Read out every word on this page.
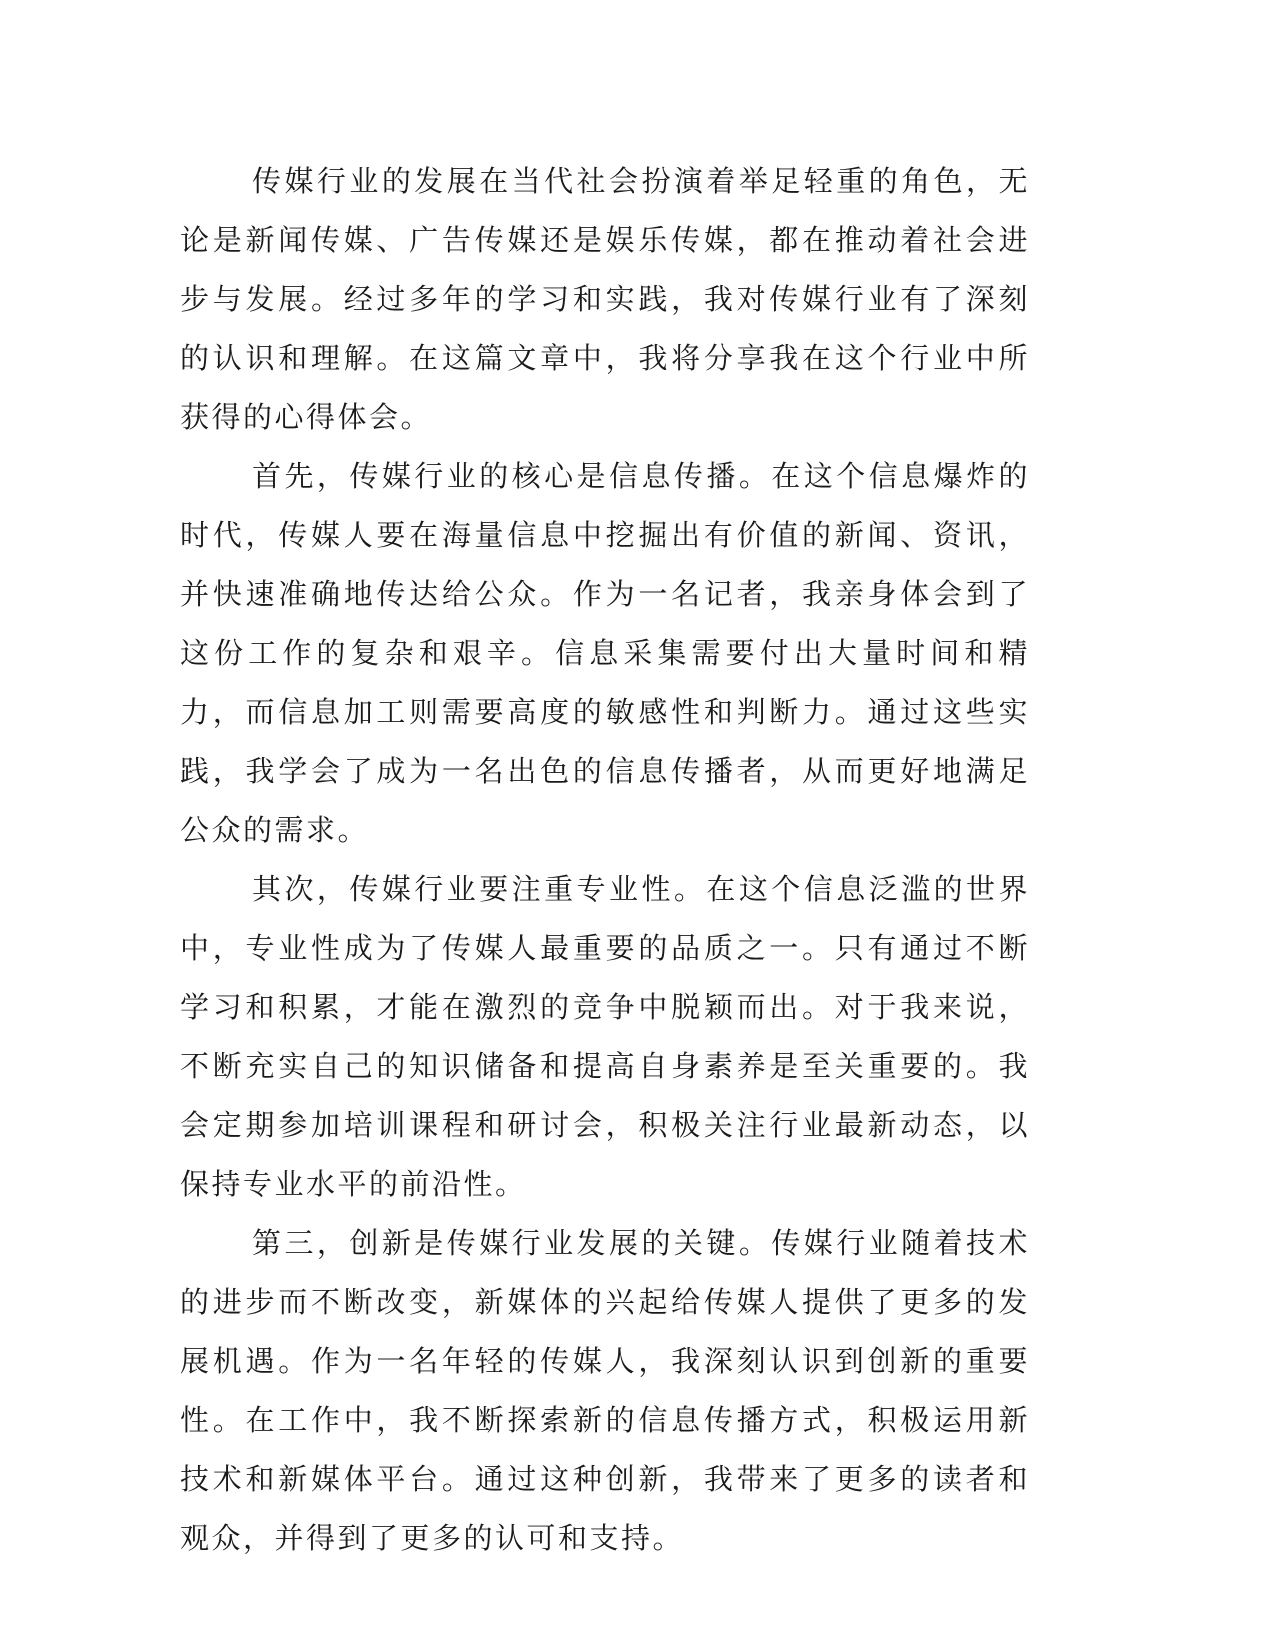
传媒行业的发展在当代社会扮演着举足轻重的角色，无论是新闻传媒、广告传媒还是娱乐传媒，都在推动着社会进步与发展。经过多年的学习和实践，我对传媒行业有了深刻的认识和理解。在这篇文章中，我将分享我在这个行业中所获得的心得体会。

首先，传媒行业的核心是信息传播。在这个信息爆炸的时代，传媒人要在海量信息中挖掘出有价值的新闻、资讯，并快速准确地传达给公众。作为一名记者，我亲身体会到了这份工作的复杂和艰辛。信息采集需要付出大量时间和精力，而信息加工则需要高度的敏感性和判断力。通过这些实践，我学会了成为一名出色的信息传播者，从而更好地满足公众的需求。

其次，传媒行业要注重专业性。在这个信息泛滥的世界中，专业性成为了传媒人最重要的品质之一。只有通过不断学习和积累，才能在激烈的竞争中脱颖而出。对于我来说，不断充实自己的知识储备和提高自身素养是至关重要的。我会定期参加培训课程和研讨会，积极关注行业最新动态，以保持专业水平的前沿性。

第三，创新是传媒行业发展的关键。传媒行业随着技术的进步而不断改变，新媒体的兴起给传媒人提供了更多的发展机遇。作为一名年轻的传媒人，我深刻认识到创新的重要性。在工作中，我不断探索新的信息传播方式，积极运用新技术和新媒体平台。通过这种创新，我带来了更多的读者和观众，并得到了更多的认可和支持。
